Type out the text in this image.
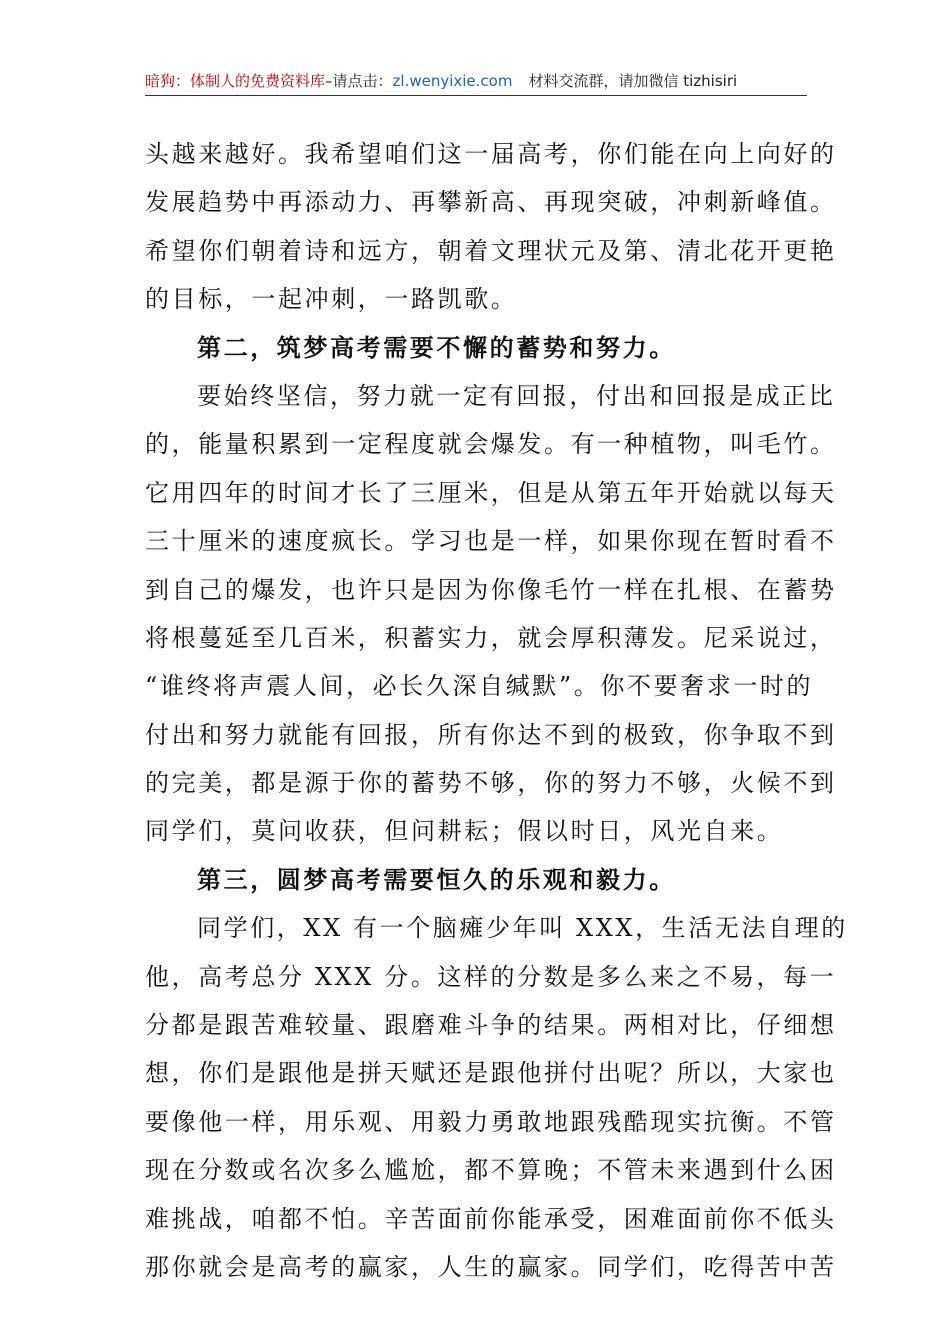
暗狗：体制人的免费资料库–请点击：zl.wenyixie.com 材料交流群，请加微信 tizhisiri
头越来越好。我希望咱们这一届高考，你们能在向上向好的
发展趋势中再添动力、再攀新高、再现突破，冲刺新峰值。
希望你们朝着诗和远方，朝着文理状元及第、清北花开更艳
的目标，一起冲刺，一路凯歌。
第二，筑梦高考需要不懈的蓄势和努力。
要始终坚信，努力就一定有回报，付出和回报是成正比
的，能量积累到一定程度就会爆发。有一种植物，叫毛竹。
它用四年的时间才长了三厘米，但是从第五年开始就以每天
三十厘米的速度疯长。学习也是一样，如果你现在暂时看不
到自己的爆发，也许只是因为你像毛竹一样在扎根、在蓄势
将根蔓延至几百米，积蓄实力，就会厚积薄发。尼采说过，
“谁终将声震人间，必长久深自缄默”。你不要奢求一时的
付出和努力就能有回报，所有你达不到的极致，你争取不到
的完美，都是源于你的蓄势不够，你的努力不够，火候不到
同学们，莫问收获，但问耕耘；假以时日，风光自来。
第三，圆梦高考需要恒久的乐观和毅力。
同学们，XX 有一个脑瘫少年叫 XXX，生活无法自理的
他，高考总分 XXX 分。这样的分数是多么来之不易，每一
分都是跟苦难较量、跟磨难斗争的结果。两相对比，仔细想
想，你们是跟他是拼天赋还是跟他拼付出呢？所以，大家也
要像他一样，用乐观、用毅力勇敢地跟残酷现实抗衡。不管
现在分数或名次多么尴尬，都不算晚；不管未来遇到什么困
难挑战，咱都不怕。辛苦面前你能承受，困难面前你不低头
那你就会是高考的赢家，人生的赢家。同学们，吃得苦中苦
